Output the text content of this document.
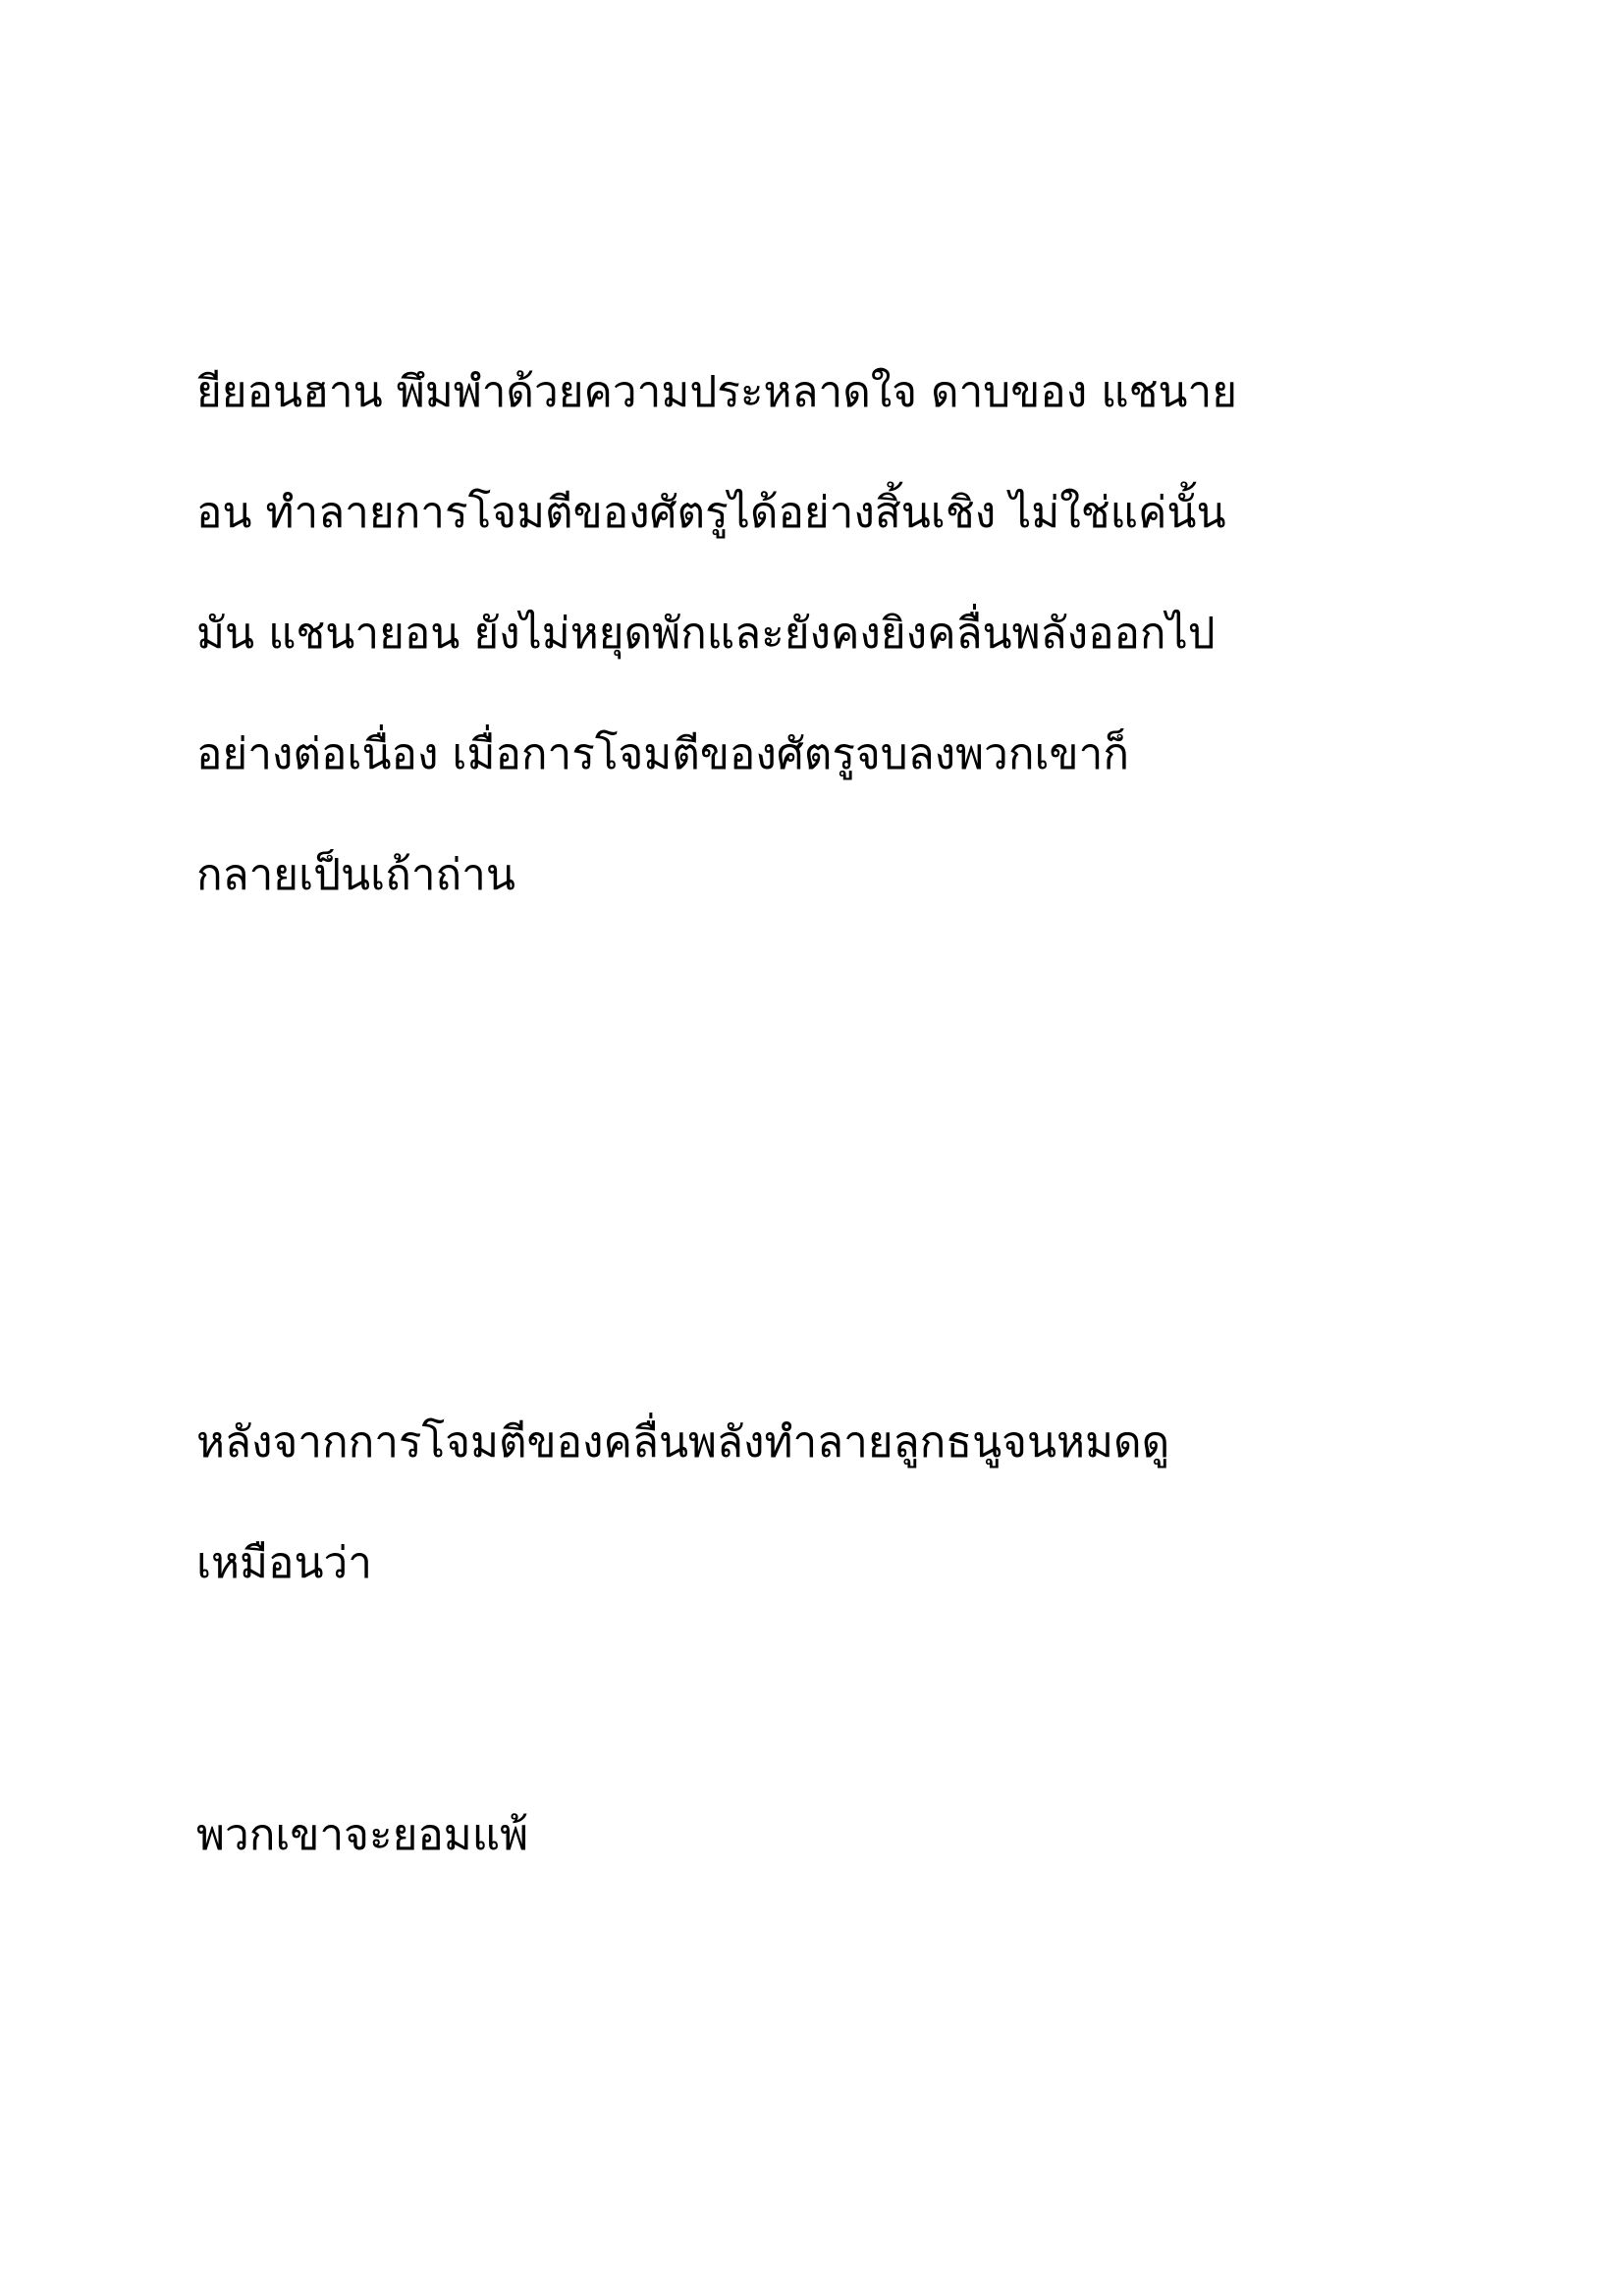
ยียอนฮาน พึมพำด้วยความประหลาดใจ ดาบของ แชนาย

อน ทำลายการโจมตีของศัตรูได้อย่างสิ้นเชิง ไม่ใช่แค่นั้น

มัน แชนายอน ยังไม่หยุดพักและยังคงยิงคลื่นพลังออกไป

อย่างต่อเนื่อง เมื่อการโจมตีของศัตรูจบลงพวกเขาก็

กลายเป็นเถ้าถ่าน

หลังจากการโจมตีของคลื่นพลังทำลายลูกธนูจนหมดดู

เหมือนว่า

พวกเขาจะยอมแพ้
